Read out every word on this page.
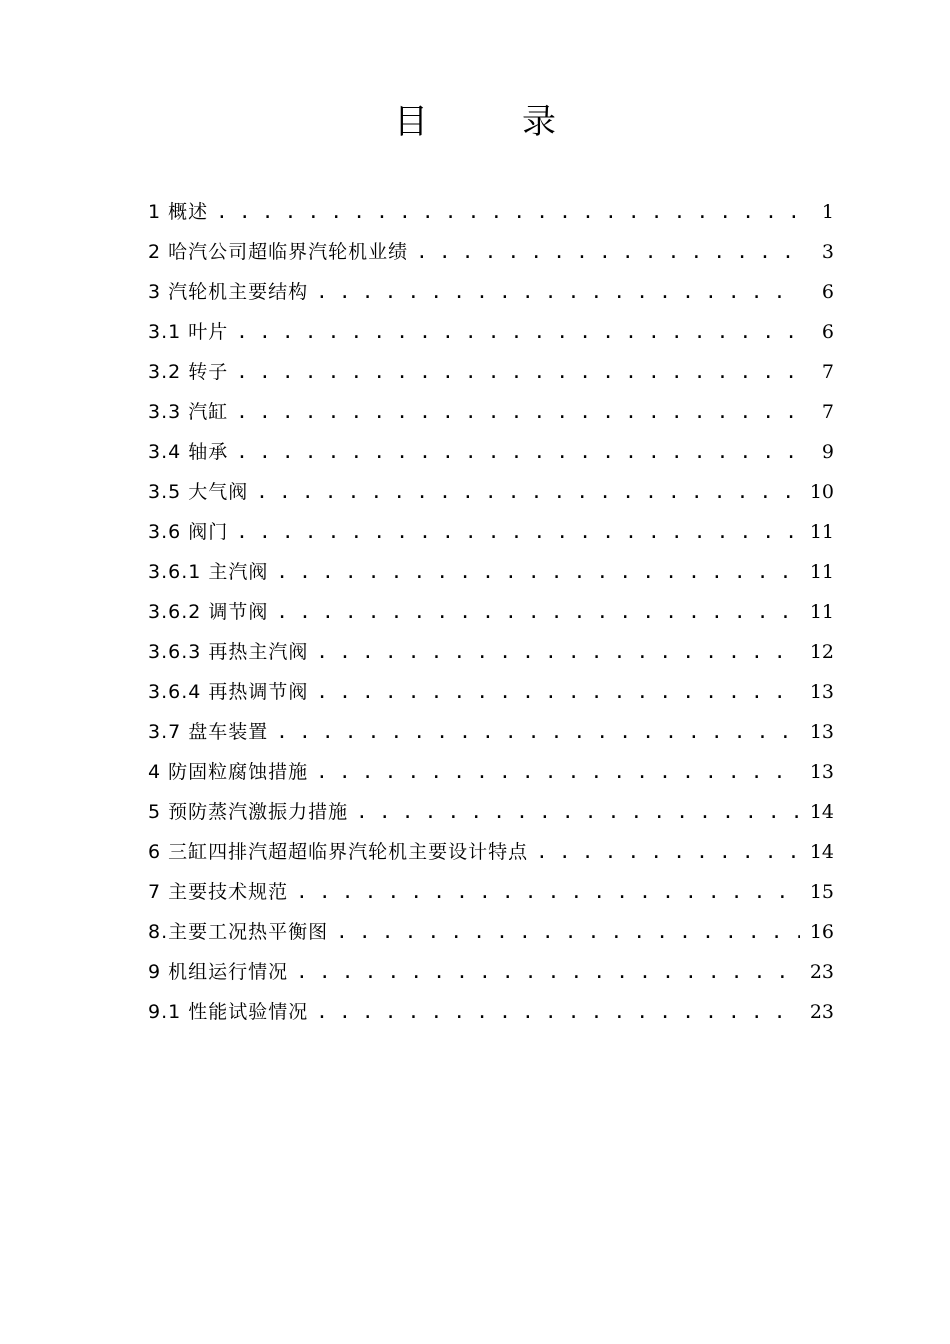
目　录
1 概述 . . .	1
2 哈汽公司超临界汽轮机业绩 . . .	3
3 汽轮机主要结构 . . .	6
3.1 叶片 . . .	6
3.2 转子 . . .	7
3.3 汽缸 . . .	7
3.4 轴承 . . .	9
3.5 大气阀 . . .	10
3.6 阀门 . . .	11
3.6.1 主汽阀 . . .	11
3.6.2 调节阀 . . .	11
3.6.3 再热主汽阀 . . .	12
3.6.4 再热调节阀 . . .	13
3.7 盘车装置 . . .	13
4 防固粒腐蚀措施 . . .	13
5 预防蒸汽激振力措施 . . .	14
6 三缸四排汽超超临界汽轮机主要设计特点 . . .	14
7 主要技术规范 . . .	15
8.主要工况热平衡图 . . .	16
9 机组运行情况 . . .	23
9.1 性能试验情况 . . .	23
